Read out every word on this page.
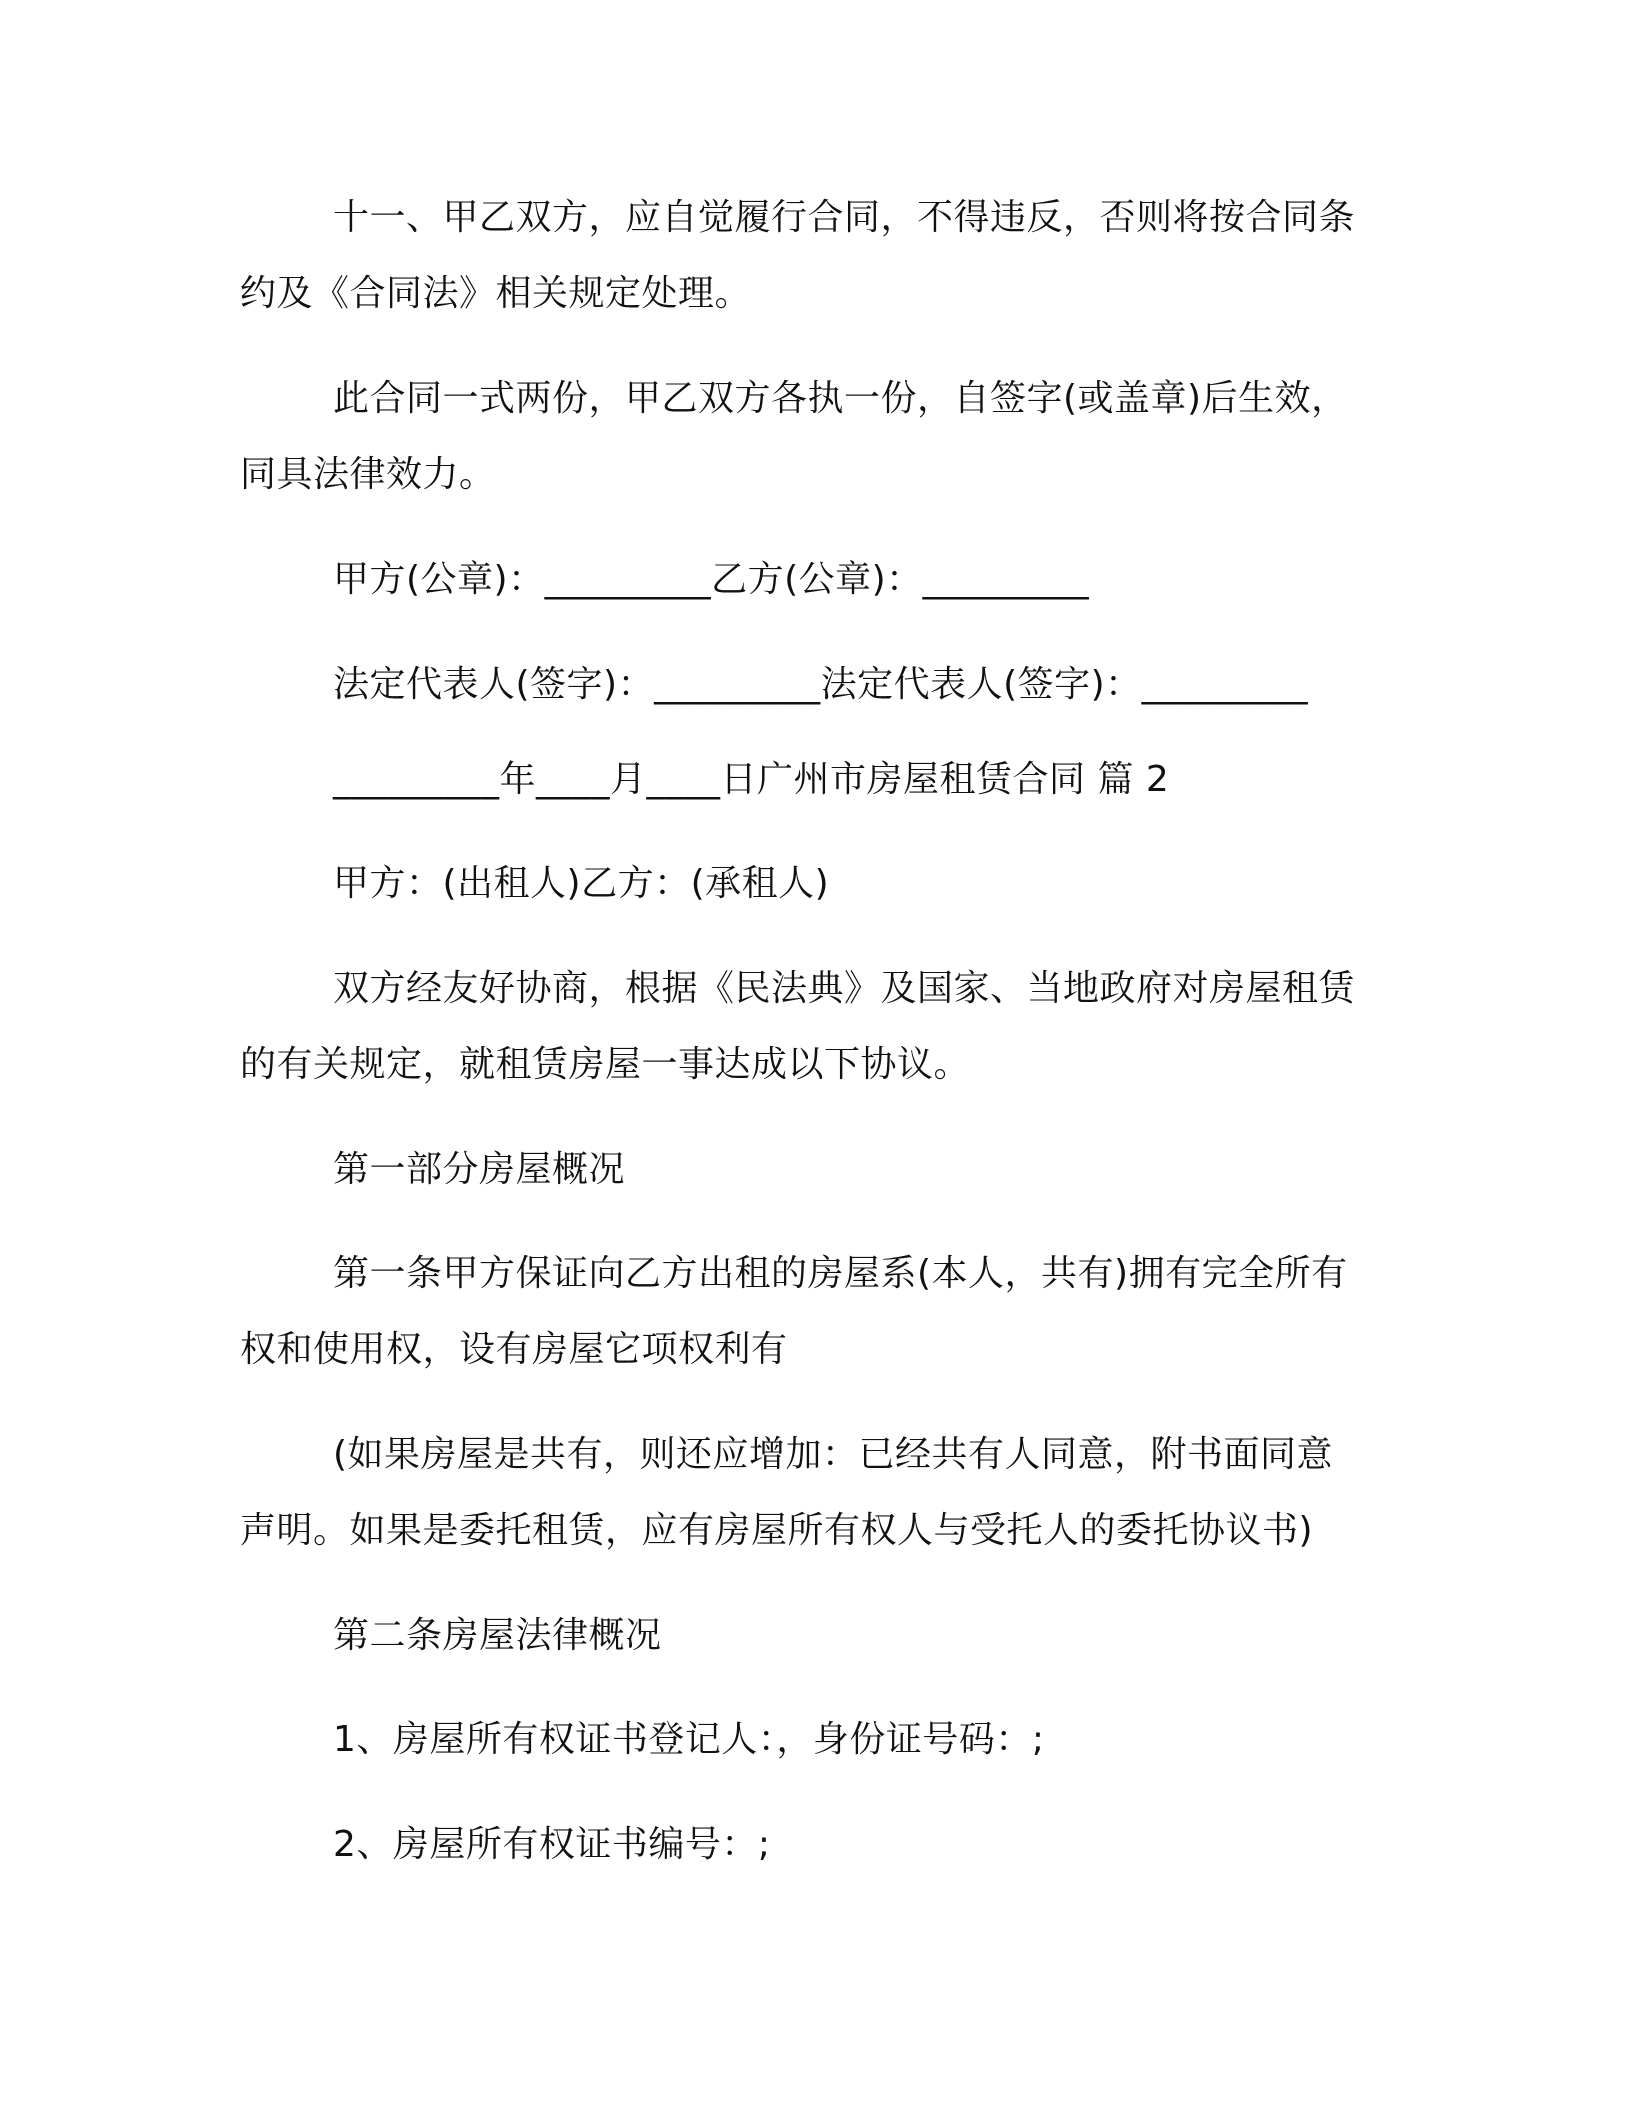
十一、甲乙双方，应自觉履行合同，不得违反，否则将按合同条
约及《合同法》相关规定处理。
此合同一式两份，甲乙双方各执一份，自签字(或盖章)后生效，
同具法律效力。
甲方(公章)：_________乙方(公章)：_________
法定代表人(签字)：_________法定代表人(签字)：_________
_________年____月____日广州市房屋租赁合同 篇 2
甲方：(出租人)乙方：(承租人)
双方经友好协商，根据《民法典》及国家、当地政府对房屋租赁
的有关规定，就租赁房屋一事达成以下协议。
第一部分房屋概况
第一条甲方保证向乙方出租的房屋系(本人，共有)拥有完全所有
权和使用权，设有房屋它项权利有
(如果房屋是共有，则还应增加：已经共有人同意，附书面同意
声明。如果是委托租赁，应有房屋所有权人与受托人的委托协议书)
第二条房屋法律概况
1、房屋所有权证书登记人：，身份证号码：;
2、房屋所有权证书编号：;
